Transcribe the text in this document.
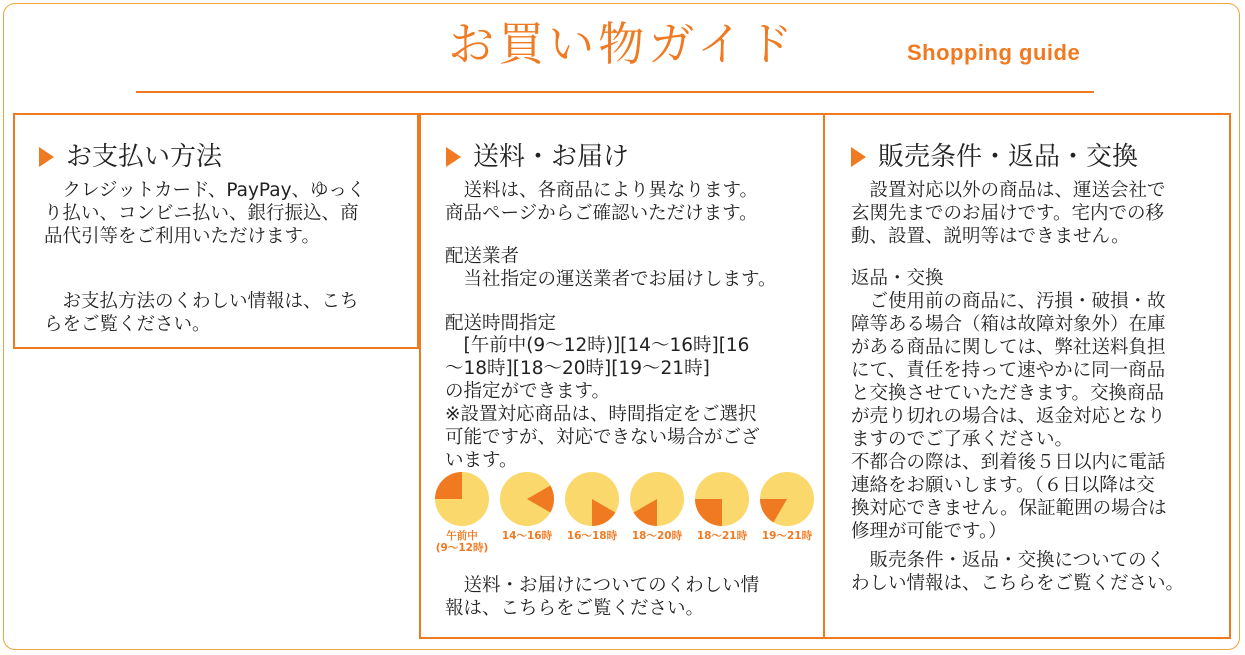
お買い物ガイド	Shopping guide
お支払い方法
　クレジットカード、PayPay、ゆっく
り払い、コンビニ払い、銀行振込、商
品代引等をご利用いただけます。
　お支払方法のくわしい情報は、こち
らをご覧ください。
送料・お届け
　送料は、各商品により異なります。
商品ページからご確認いただけます。
配送業者
　当社指定の運送業者でお届けします。
配送時間指定
　[午前中(9～12時)][14～16時][16
～18時][18～20時][19～21時]
の指定ができます。
※設置対応商品は、時間指定をご選択
可能ですが、対応できない場合がござ
います。
午前中
(9～12時)
14～16時 16～18時 18～20時 18～21時 19～21時
　送料・お届けについてのくわしい情
報は、こちらをご覧ください。
販売条件・返品・交換
　設置対応以外の商品は、運送会社で
玄関先までのお届けです。宅内での移
動、設置、説明等はできません。
返品・交換
　ご使用前の商品に、汚損・破損・故
障等ある場合（箱は故障対象外）在庫
がある商品に関しては、弊社送料負担
にて、責任を持って速やかに同一商品
と交換させていただきます。交換商品
が売り切れの場合は、返金対応となり
ますのでご了承ください。
不都合の際は、到着後５日以内に電話
連絡をお願いします。（６日以降は交
換対応できません。保証範囲の場合は
修理が可能です。）
　販売条件・返品・交換についてのく
わしい情報は、こちらをご覧ください。
